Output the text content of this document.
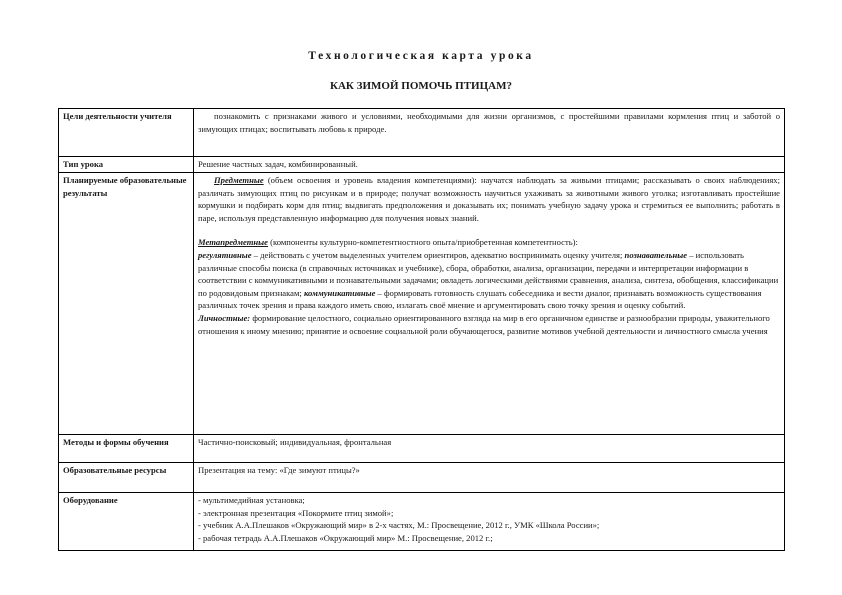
Технологическая карта урока
КАК ЗИМОЙ ПОМОЧЬ ПТИЦАМ?
Цели деятельности учителя	познакомить с признаками живого и условиями, необходимыми для жизни организмов, с простейшими правилами кормления птиц и заботой о зимующих птицах; воспитывать любовь к природе.
Тип урока	Решение частных задач, комбинированный.
Планируемые образовательные результаты	Предметные (объем освоения и уровень владения компетенциями): научатся наблюдать за живыми птицами; рассказывать о своих наблюдениях; различать зимующих птиц по рисункам и в природе; получат возможность научиться ухаживать за животными живого уголка; изготавливать простейшие кормушки и подбирать корм для птиц; выдвигать предположения и доказывать их; понимать учебную задачу урока и стремиться ее выполнить; работать в паре, используя представленную информацию для получения новых знаний.

Метапредметные (компоненты культурно-компетентностного опыта/приобретенная компетентность):
регулятивные – действовать с учетом выделенных учителем ориентиров, адекватно воспринимать оценку учителя; познавательные – использовать различные способы поиска (в справочных источниках и учебнике), сбора, обработки, анализа, организации, передачи и интерпретации информации в соответствии с коммуникативными и познавательными задачами; овладеть логическими действиями сравнения, анализа, синтеза, обобщения, классификации по родовидовым признакам; коммуникативные – формировать готовность слушать собеседника и вести диалог, признавать возможность существования различных точек зрения и права каждого иметь свою, излагать своё мнение и аргументировать свою точку зрения и оценку событий.

Личностные: формирование целостного, социально ориентированного взгляда на мир в его органичном единстве и разнообразии природы, уважительного отношения к иному мнению; принятие и освоение социальной роли обучающегося, развитие мотивов учебной деятельности и личностного смысла учения

Методы и формы обучения	Частично-поисковый; индивидуальная, фронтальная
Образовательные ресурсы	Презентация на тему: «Где зимуют птицы?»
Оборудование	- мультимедийная установка;
- электронная презентация «Покормите птиц зимой»;
- учебник А.А.Плешаков «Окружающий мир» в 2-х частях, М.: Просвещение, 2012 г., УМК «Школа России»;
- рабочая тетрадь А.А.Плешаков «Окружающий мир» М.: Просвещение, 2012 г.;
